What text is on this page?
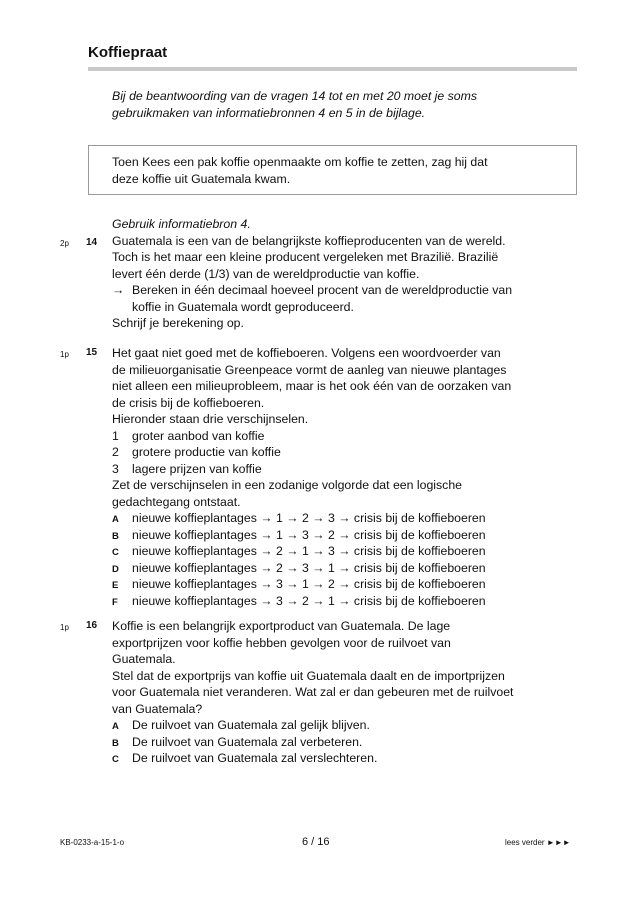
Koffiepraat
Bij de beantwoording van de vragen 14 tot en met 20 moet je soms
gebruikmaken van informatiebronnen 4 en 5 in de bijlage.

Toen Kees een pak koffie openmaakte om koffie te zetten, zag hij dat
deze koffie uit Guatemala kwam.

Gebruik informatiebron 4.
Guatemala is een van de belangrijkste koffieproducenten van de wereld.
Toch is het maar een kleine producent vergeleken met Brazilië. Brazilië
levert één derde (1/3) van de wereldproductie van koffie.
→ Bereken in één decimaal hoeveel procent van de wereldproductie van
koffie in Guatemala wordt geproduceerd.
Schrijf je berekening op.
2p 14
1p 15 Het gaat niet goed met de koffieboeren. Volgens een woordvoerder van
de milieuorganisatie Greenpeace vormt de aanleg van nieuwe plantages
niet alleen een milieuprobleem, maar is het ook één van de oorzaken van
de crisis bij de koffieboeren.
Hieronder staan drie verschijnselen.
1 groter aanbod van koffie
2 grotere productie van koffie
3 lagere prijzen van koffie
Zet de verschijnselen in een zodanige volgorde dat een logische
gedachtegang ontstaat.
A nieuwe koffieplantages → 1 → 2 → 3 → crisis bij de koffieboeren
B nieuwe koffieplantages → 1 → 3 → 2 → crisis bij de koffieboeren
C nieuwe koffieplantages → 2 → 1 → 3 → crisis bij de koffieboeren
D nieuwe koffieplantages → 2 → 3 → 1 → crisis bij de koffieboeren
E nieuwe koffieplantages → 3 → 1 → 2 → crisis bij de koffieboeren
F nieuwe koffieplantages → 3 → 2 → 1 → crisis bij de koffieboeren
1p 16 Koffie is een belangrijk exportproduct van Guatemala. De lage
exportprijzen voor koffie hebben gevolgen voor de ruilvoet van
Guatemala.
Stel dat de exportprijs van koffie uit Guatemala daalt en de importprijzen
voor Guatemala niet veranderen. Wat zal er dan gebeuren met de ruilvoet
van Guatemala?
A De ruilvoet van Guatemala zal gelijk blijven.
B De ruilvoet van Guatemala zal verbeteren.
C De ruilvoet van Guatemala zal verslechteren.
KB-0233-a-15-1-o	6 / 16	lees verder ►►►
